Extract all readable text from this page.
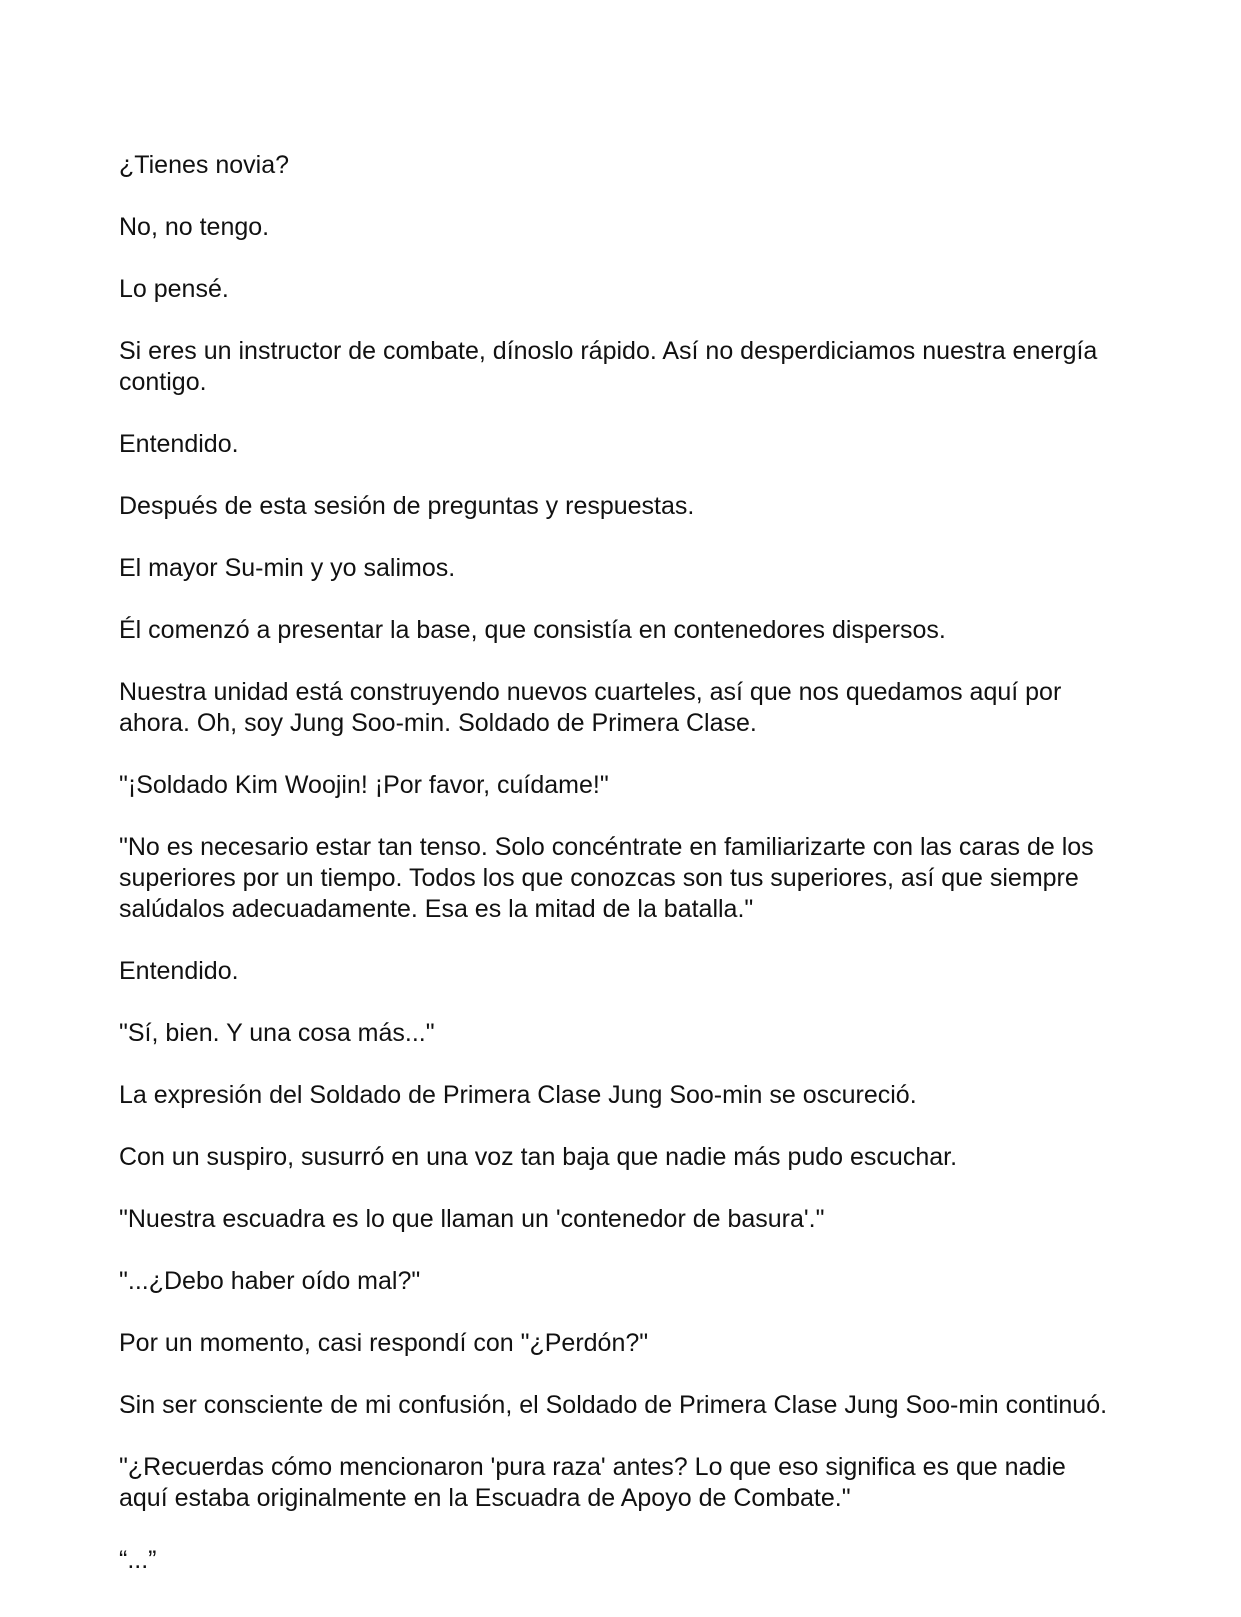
¿Tienes novia?

No, no tengo.

Lo pensé.

Si eres un instructor de combate, dínoslo rápido. Así no desperdiciamos nuestra energía contigo.

Entendido.

Después de esta sesión de preguntas y respuestas.

El mayor Su-min y yo salimos.

Él comenzó a presentar la base, que consistía en contenedores dispersos.

Nuestra unidad está construyendo nuevos cuarteles, así que nos quedamos aquí por ahora. Oh, soy Jung Soo-min. Soldado de Primera Clase.

"¡Soldado Kim Woojin! ¡Por favor, cuídame!"

"No es necesario estar tan tenso. Solo concéntrate en familiarizarte con las caras de los superiores por un tiempo. Todos los que conozcas son tus superiores, así que siempre salúdalos adecuadamente. Esa es la mitad de la batalla."

Entendido.

"Sí, bien. Y una cosa más..."

La expresión del Soldado de Primera Clase Jung Soo-min se oscureció.

Con un suspiro, susurró en una voz tan baja que nadie más pudo escuchar.

"Nuestra escuadra es lo que llaman un 'contenedor de basura'."

"...¿Debo haber oído mal?"

Por un momento, casi respondí con "¿Perdón?"

Sin ser consciente de mi confusión, el Soldado de Primera Clase Jung Soo-min continuó.

"¿Recuerdas cómo mencionaron 'pura raza' antes? Lo que eso significa es que nadie aquí estaba originalmente en la Escuadra de Apoyo de Combate."

“...”
